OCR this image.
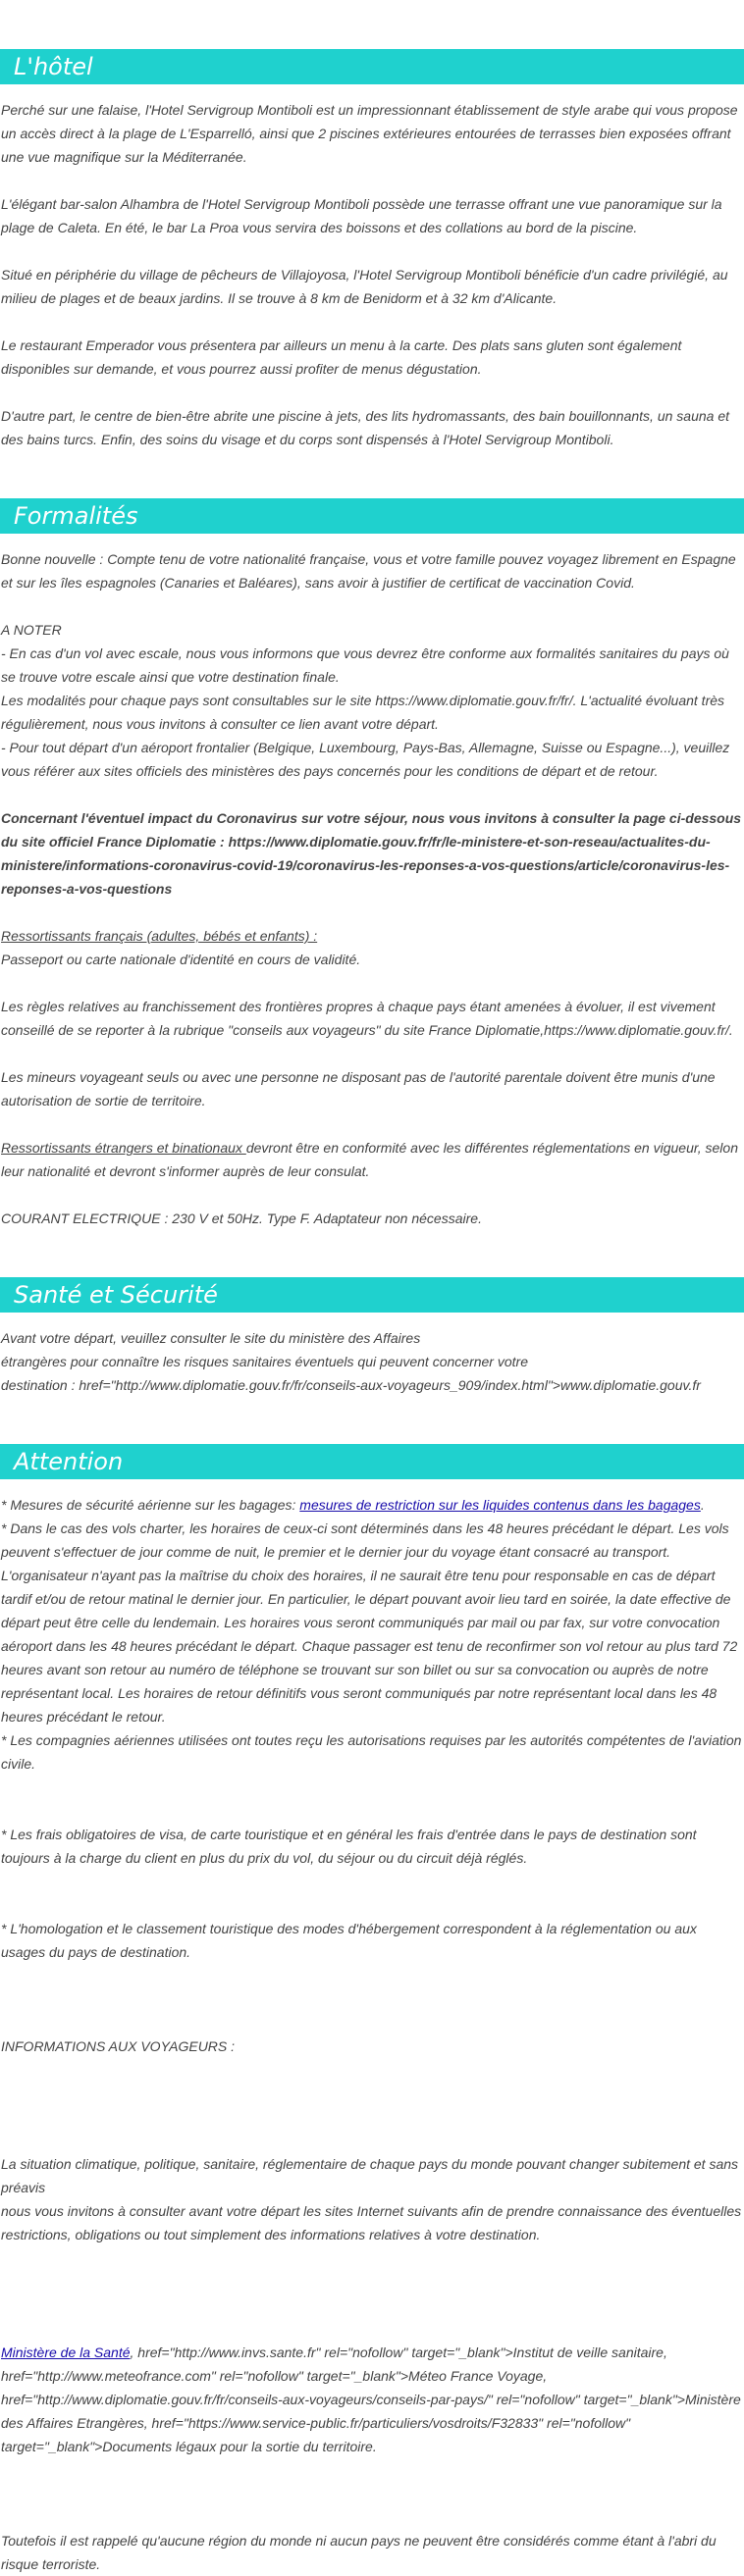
L'hôtel

Perché sur une falaise, l'Hotel Servigroup Montiboli est un impressionnant établissement de style arabe qui vous propose un accès direct à la plage de L'Esparrelló, ainsi que 2 piscines extérieures entourées de terrasses bien exposées offrant une vue magnifique sur la Méditerranée.

L'élégant bar-salon Alhambra de l'Hotel Servigroup Montiboli possède une terrasse offrant une vue panoramique sur la plage de Caleta. En été, le bar La Proa vous servira des boissons et des collations au bord de la piscine.

Situé en périphérie du village de pêcheurs de Villajoyosa, l'Hotel Servigroup Montiboli bénéficie d'un cadre privilégié, au milieu de plages et de beaux jardins. Il se trouve à 8 km de Benidorm et à 32 km d'Alicante.

Le restaurant Emperador vous présentera par ailleurs un menu à la carte. Des plats sans gluten sont également disponibles sur demande, et vous pourrez aussi profiter de menus dégustation.

D'autre part, le centre de bien-être abrite une piscine à jets, des lits hydromassants, des bain bouillonnants, un sauna et des bains turcs. Enfin, des soins du visage et du corps sont dispensés à l'Hotel Servigroup Montiboli.

Formalités

Bonne nouvelle : Compte tenu de votre nationalité française, vous et votre famille pouvez voyagez librement en Espagne et sur les îles espagnoles (Canaries et Baléares), sans avoir à justifier de certificat de vaccination Covid.

A NOTER
- En cas d'un vol avec escale, nous vous informons que vous devrez être conforme aux formalités sanitaires du pays où se trouve votre escale ainsi que votre destination finale.
Les modalités pour chaque pays sont consultables sur le site https://www.diplomatie.gouv.fr/fr/. L'actualité évoluant très régulièrement, nous vous invitons à consulter ce lien avant votre départ.
- Pour tout départ d'un aéroport frontalier (Belgique, Luxembourg, Pays-Bas, Allemagne, Suisse ou Espagne...), veuillez vous référer aux sites officiels des ministères des pays concernés pour les conditions de départ et de retour.

Concernant l'éventuel impact du Coronavirus sur votre séjour, nous vous invitons à consulter la page ci-dessous du site officiel France Diplomatie : https://www.diplomatie.gouv.fr/fr/le-ministere-et-son-reseau/actualites-du-ministere/informations-coronavirus-covid-19/coronavirus-les-reponses-a-vos-questions/article/coronavirus-les-reponses-a-vos-questions

Ressortissants français (adultes, bébés et enfants) :
Passeport ou carte nationale d'identité en cours de validité.

Les règles relatives au franchissement des frontières propres à chaque pays étant amenées à évoluer, il est vivement conseillé de se reporter à la rubrique "conseils aux voyageurs" du site France Diplomatie,https://www.diplomatie.gouv.fr/.

Les mineurs voyageant seuls ou avec une personne ne disposant pas de l'autorité parentale doivent être munis d'une autorisation de sortie de territoire.

Ressortissants étrangers et binationaux devront être en conformité avec les différentes réglementations en vigueur, selon leur nationalité et devront s'informer auprès de leur consulat.

COURANT ELECTRIQUE : 230 V et 50Hz. Type F. Adaptateur non nécessaire.

Santé et Sécurité

Avant votre départ, veuillez consulter le site du ministère des Affaires
étrangères pour connaître les risques sanitaires éventuels qui peuvent concerner votre
destination : href="http://www.diplomatie.gouv.fr/fr/conseils-aux-voyageurs_909/index.html">www.diplomatie.gouv.fr

Attention

* Mesures de sécurité aérienne sur les bagages: mesures de restriction sur les liquides contenus dans les bagages.

* Dans le cas des vols charter, les horaires de ceux-ci sont déterminés dans les 48 heures précédant le départ. Les vols peuvent s'effectuer de jour comme de nuit, le premier et le dernier jour du voyage étant consacré au transport. L'organisateur n'ayant pas la maîtrise du choix des horaires, il ne saurait être tenu pour responsable en cas de départ tardif et/ou de retour matinal le dernier jour. En particulier, le départ pouvant avoir lieu tard en soirée, la date effective de départ peut être celle du lendemain. Les horaires vous seront communiqués par mail ou par fax, sur votre convocation aéroport dans les 48 heures précédant le départ. Chaque passager est tenu de reconfirmer son vol retour au plus tard 72 heures avant son retour au numéro de téléphone se trouvant sur son billet ou sur sa convocation ou auprès de notre représentant local. Les horaires de retour définitifs vous seront communiqués par notre représentant local dans les 48 heures précédant le retour.

* Les compagnies aériennes utilisées ont toutes reçu les autorisations requises par les autorités compétentes de l'aviation civile.

* Les frais obligatoires de visa, de carte touristique et en général les frais d'entrée dans le pays de destination sont toujours à la charge du client en plus du prix du vol, du séjour ou du circuit déjà réglés.

* L'homologation et le classement touristique des modes d'hébergement correspondent à la réglementation ou aux usages du pays de destination.

INFORMATIONS AUX VOYAGEURS :

La situation climatique, politique, sanitaire, réglementaire de chaque pays du monde pouvant changer subitement et sans préavis
nous vous invitons à consulter avant votre départ les sites Internet suivants afin de prendre connaissance des éventuelles restrictions, obligations ou tout simplement des informations relatives à votre destination.

Ministère de la Santé, href="http://www.invs.sante.fr" rel="nofollow" target="_blank">Institut de veille sanitaire, href="http://www.meteofrance.com" rel="nofollow" target="_blank">Méteo France Voyage, href="http://www.diplomatie.gouv.fr/fr/conseils-aux-voyageurs/conseils-par-pays/" rel="nofollow" target="_blank">Ministère des Affaires Etrangères, href="https://www.service-public.fr/particuliers/vosdroits/F32833" rel="nofollow" target="_blank">Documents légaux pour la sortie du territoire.

Toutefois il est rappelé qu'aucune région du monde ni aucun pays ne peuvent être considérés comme étant à l'abri du risque terroriste.
